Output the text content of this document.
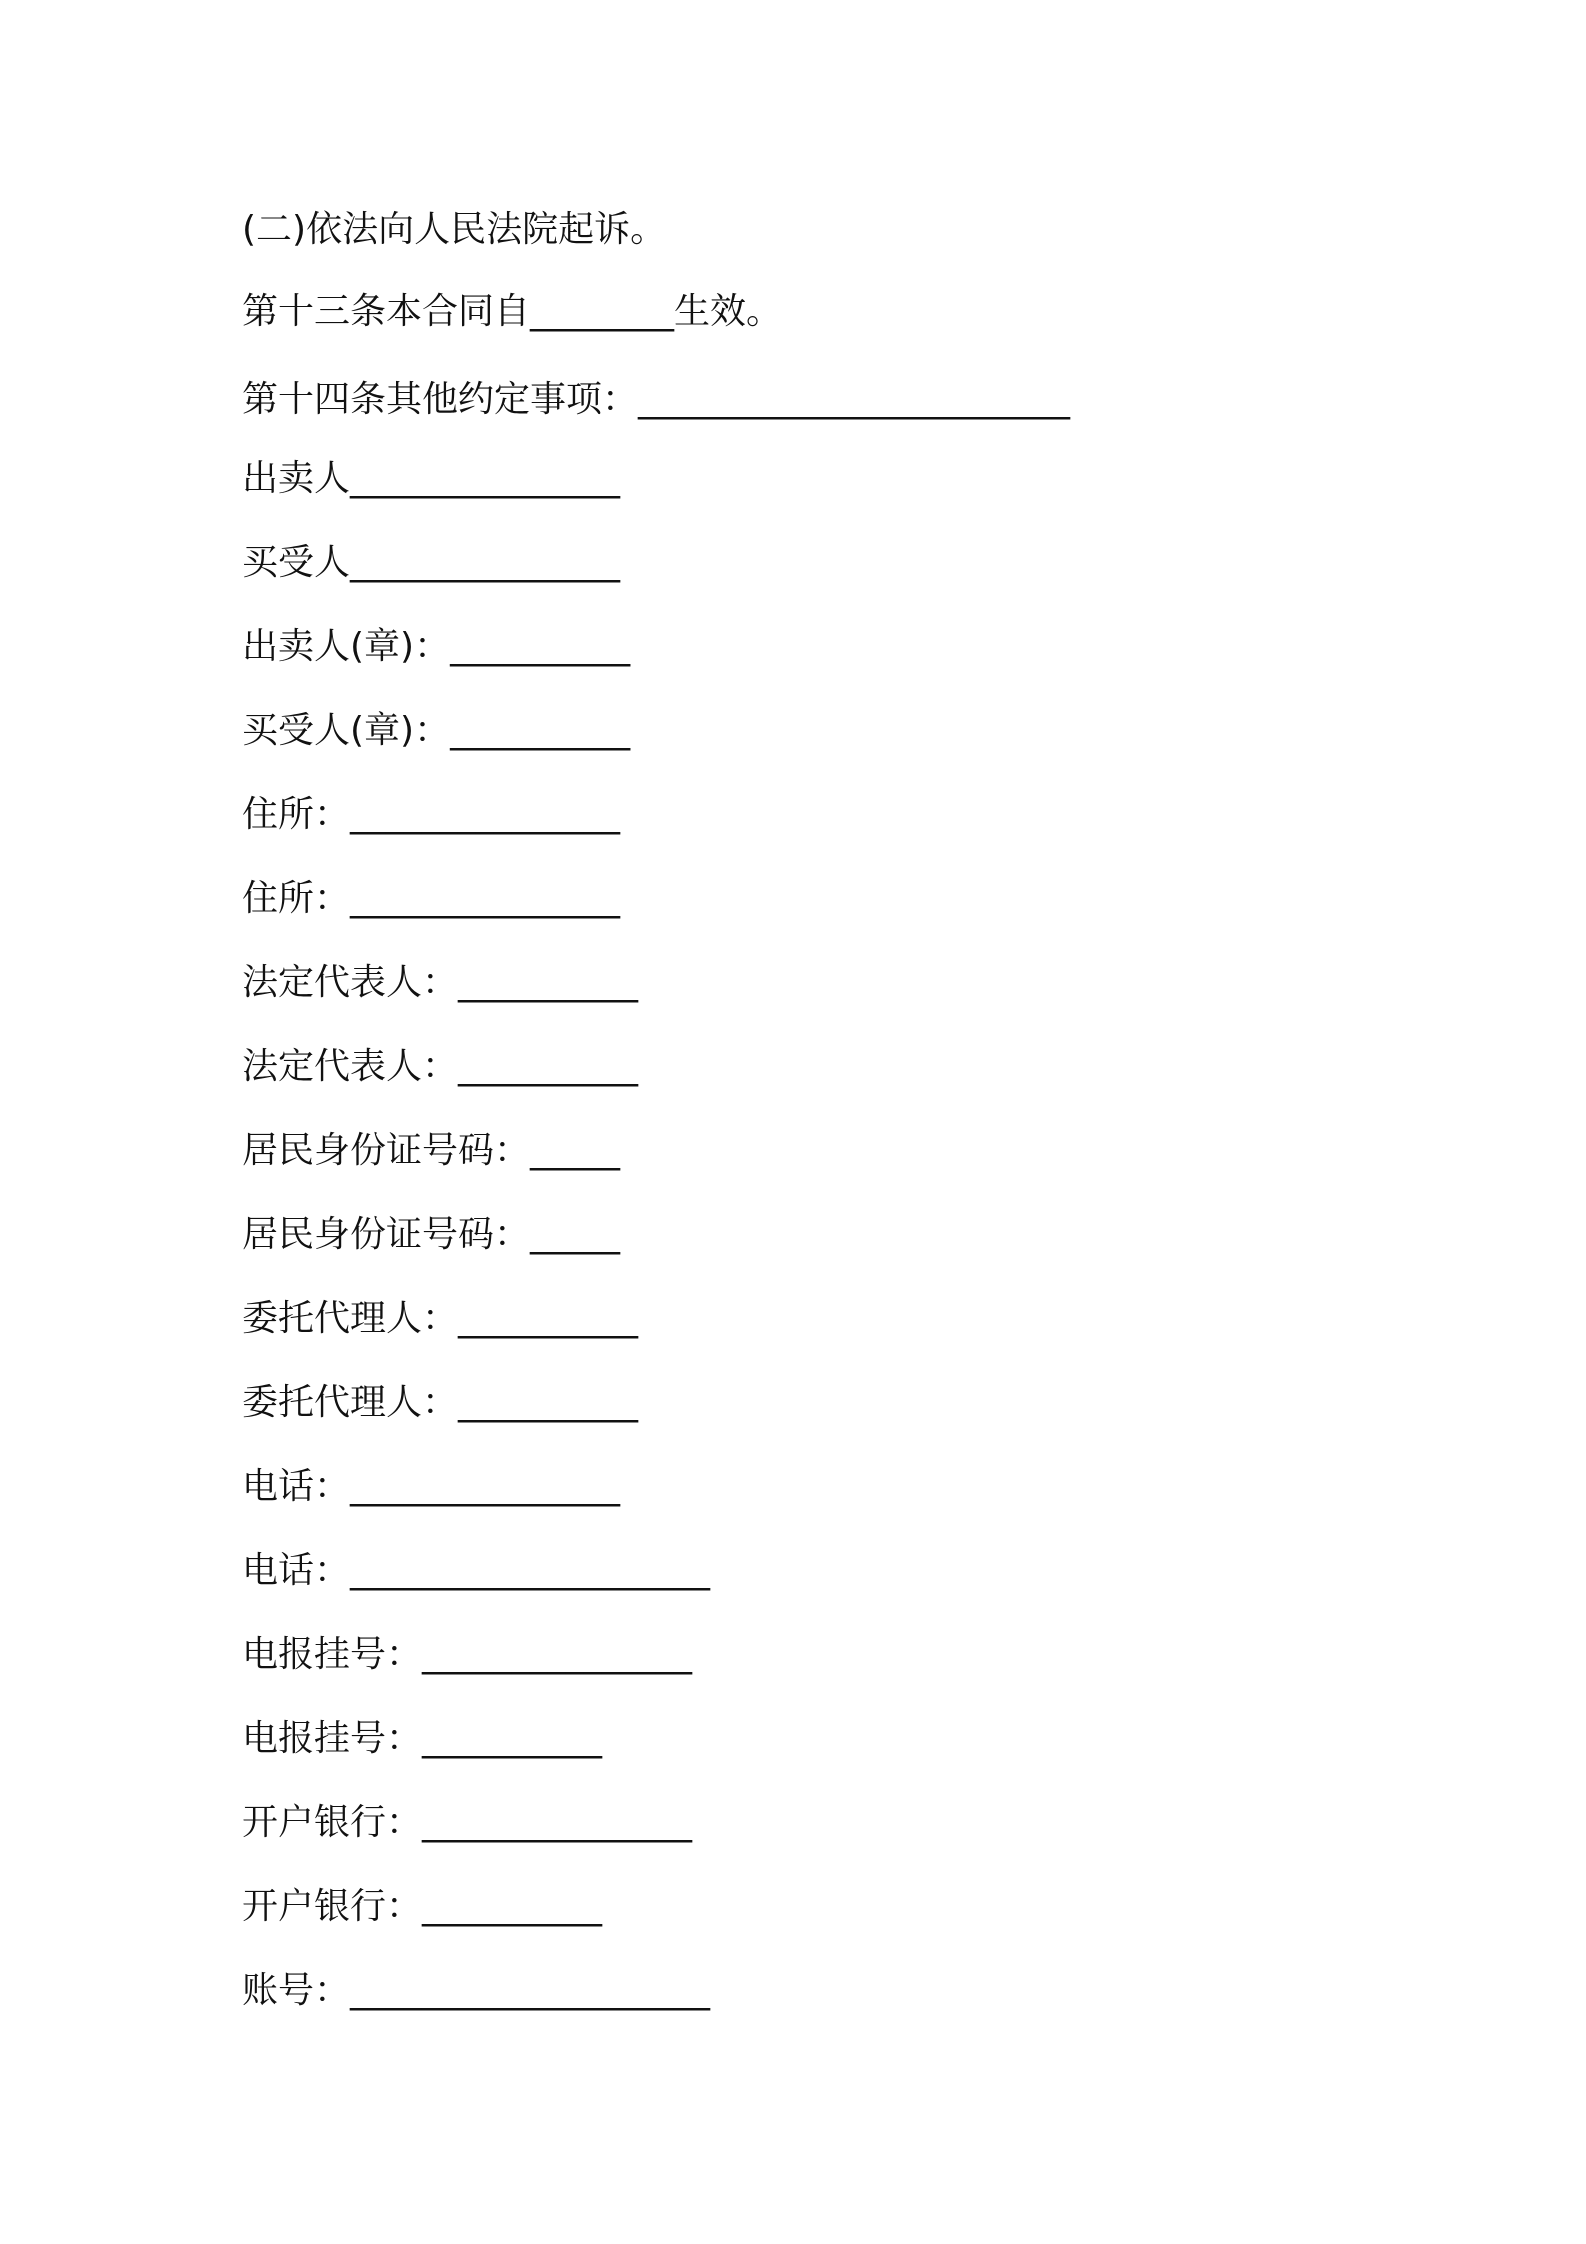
(二)依法向人民法院起诉。
第十三条本合同自________生效。
第十四条其他约定事项：________________________
出卖人_______________
买受人_______________
出卖人(章)：__________
买受人(章)：__________
住所：_______________
住所：_______________
法定代表人：__________
法定代表人：__________
居民身份证号码：_____
居民身份证号码：_____
委托代理人：__________
委托代理人：__________
电话：_______________
电话：____________________
电报挂号：_______________
电报挂号：__________
开户银行：_______________
开户银行：__________
账号：____________________
